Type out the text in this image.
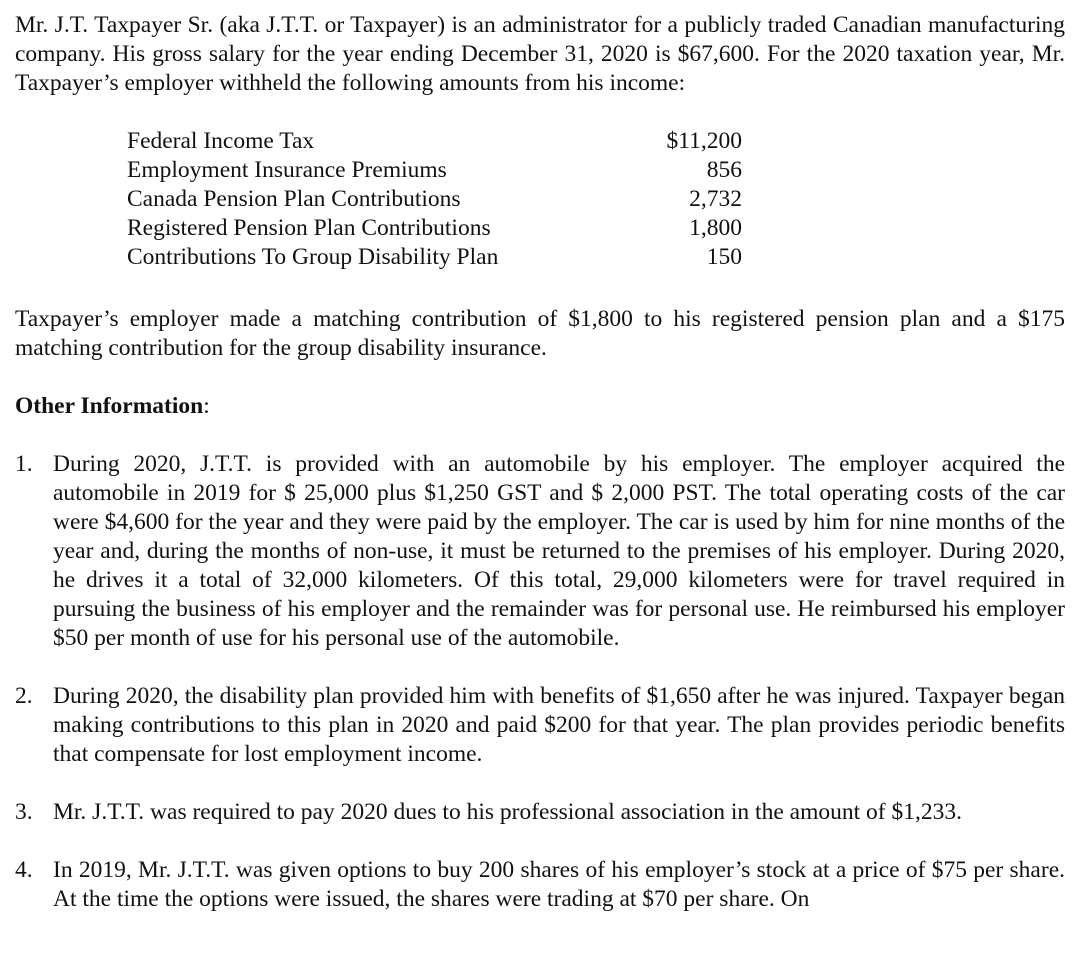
Mr. J.T. Taxpayer Sr. (aka J.T.T. or Taxpayer) is an administrator for a publicly traded Canadian manufacturing company. His gross salary for the year ending December 31, 2020 is $67,600. For the 2020 taxation year, Mr. Taxpayer’s employer withheld the following amounts from his income:

Federal Income Tax	$11,200
Employment Insurance Premiums	856
Canada Pension Plan Contributions	2,732
Registered Pension Plan Contributions	1,800
Contributions To Group Disability Plan	150

Taxpayer’s employer made a matching contribution of $1,800 to his registered pension plan and a $175 matching contribution for the group disability insurance.

Other Information:

1. During 2020, J.T.T. is provided with an automobile by his employer. The employer acquired the automobile in 2019 for $ 25,000 plus $1,250 GST and $ 2,000 PST. The total operating costs of the car were $4,600 for the year and they were paid by the employer. The car is used by him for nine months of the year and, during the months of non-use, it must be returned to the premises of his employer. During 2020, he drives it a total of 32,000 kilometers. Of this total, 29,000 kilometers were for travel required in pursuing the business of his employer and the remainder was for personal use. He reimbursed his employer $50 per month of use for his personal use of the automobile.
2. During 2020, the disability plan provided him with benefits of $1,650 after he was injured. Taxpayer began making contributions to this plan in 2020 and paid $200 for that year. The plan provides periodic benefits that compensate for lost employment income.
3. Mr. J.T.T. was required to pay 2020 dues to his professional association in the amount of $1,233.
4. In 2019, Mr. J.T.T. was given options to buy 200 shares of his employer’s stock at a price of $75 per share. At the time the options were issued, the shares were trading at $70 per share. On
